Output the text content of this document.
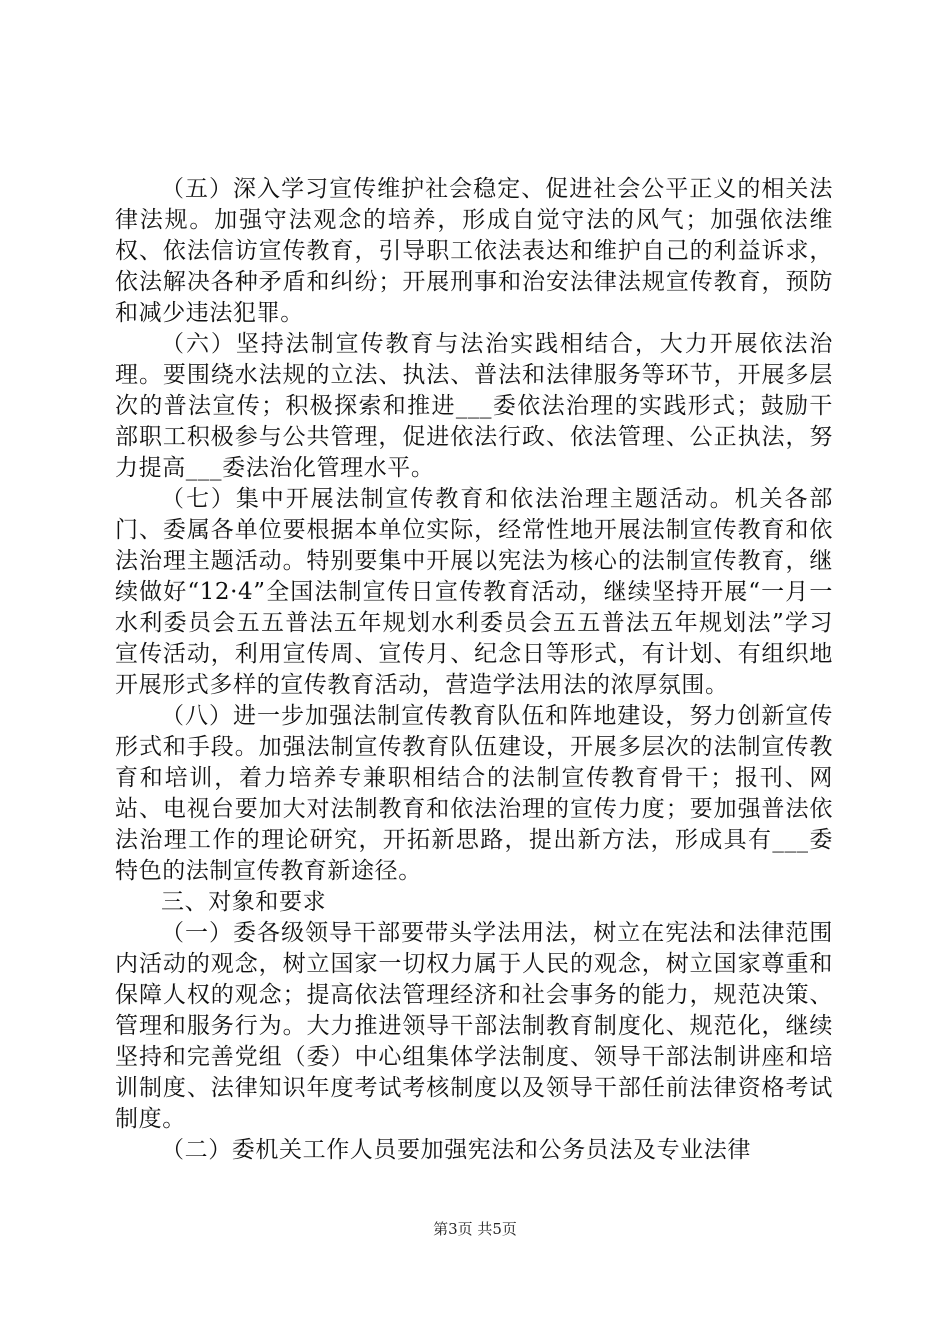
（五）深入学习宣传维护社会稳定、促进社会公平正义的相关法律法规。加强守法观念的培养，形成自觉守法的风气；加强依法维权、依法信访宣传教育，引导职工依法表达和维护自己的利益诉求，依法解决各种矛盾和纠纷；开展刑事和治安法律法规宣传教育，预防和减少违法犯罪。

（六）坚持法制宣传教育与法治实践相结合，大力开展依法治理。要围绕水法规的立法、执法、普法和法律服务等环节，开展多层次的普法宣传；积极探索和推进___委依法治理的实践形式；鼓励干部职工积极参与公共管理，促进依法行政、依法管理、公正执法，努力提高___委法治化管理水平。

（七）集中开展法制宣传教育和依法治理主题活动。机关各部门、委属各单位要根据本单位实际，经常性地开展法制宣传教育和依法治理主题活动。特别要集中开展以宪法为核心的法制宣传教育，继续做好“12·4”全国法制宣传日宣传教育活动，继续坚持开展“一月一水利委员会五五普法五年规划水利委员会五五普法五年规划法”学习宣传活动，利用宣传周、宣传月、纪念日等形式，有计划、有组织地开展形式多样的宣传教育活动，营造学法用法的浓厚氛围。

（八）进一步加强法制宣传教育队伍和阵地建设，努力创新宣传形式和手段。加强法制宣传教育队伍建设，开展多层次的法制宣传教育和培训，着力培养专兼职相结合的法制宣传教育骨干；报刊、网站、电视台要加大对法制教育和依法治理的宣传力度；要加强普法依法治理工作的理论研究，开拓新思路，提出新方法，形成具有___委特色的法制宣传教育新途径。

三、对象和要求

（一）委各级领导干部要带头学法用法，树立在宪法和法律范围内活动的观念，树立国家一切权力属于人民的观念，树立国家尊重和保障人权的观念；提高依法管理经济和社会事务的能力，规范决策、管理和服务行为。大力推进领导干部法制教育制度化、规范化，继续坚持和完善党组（委）中心组集体学法制度、领导干部法制讲座和培训制度、法律知识年度考试考核制度以及领导干部任前法律资格考试制度。

（二）委机关工作人员要加强宪法和公务员法及专业法律

第3页 共5页
